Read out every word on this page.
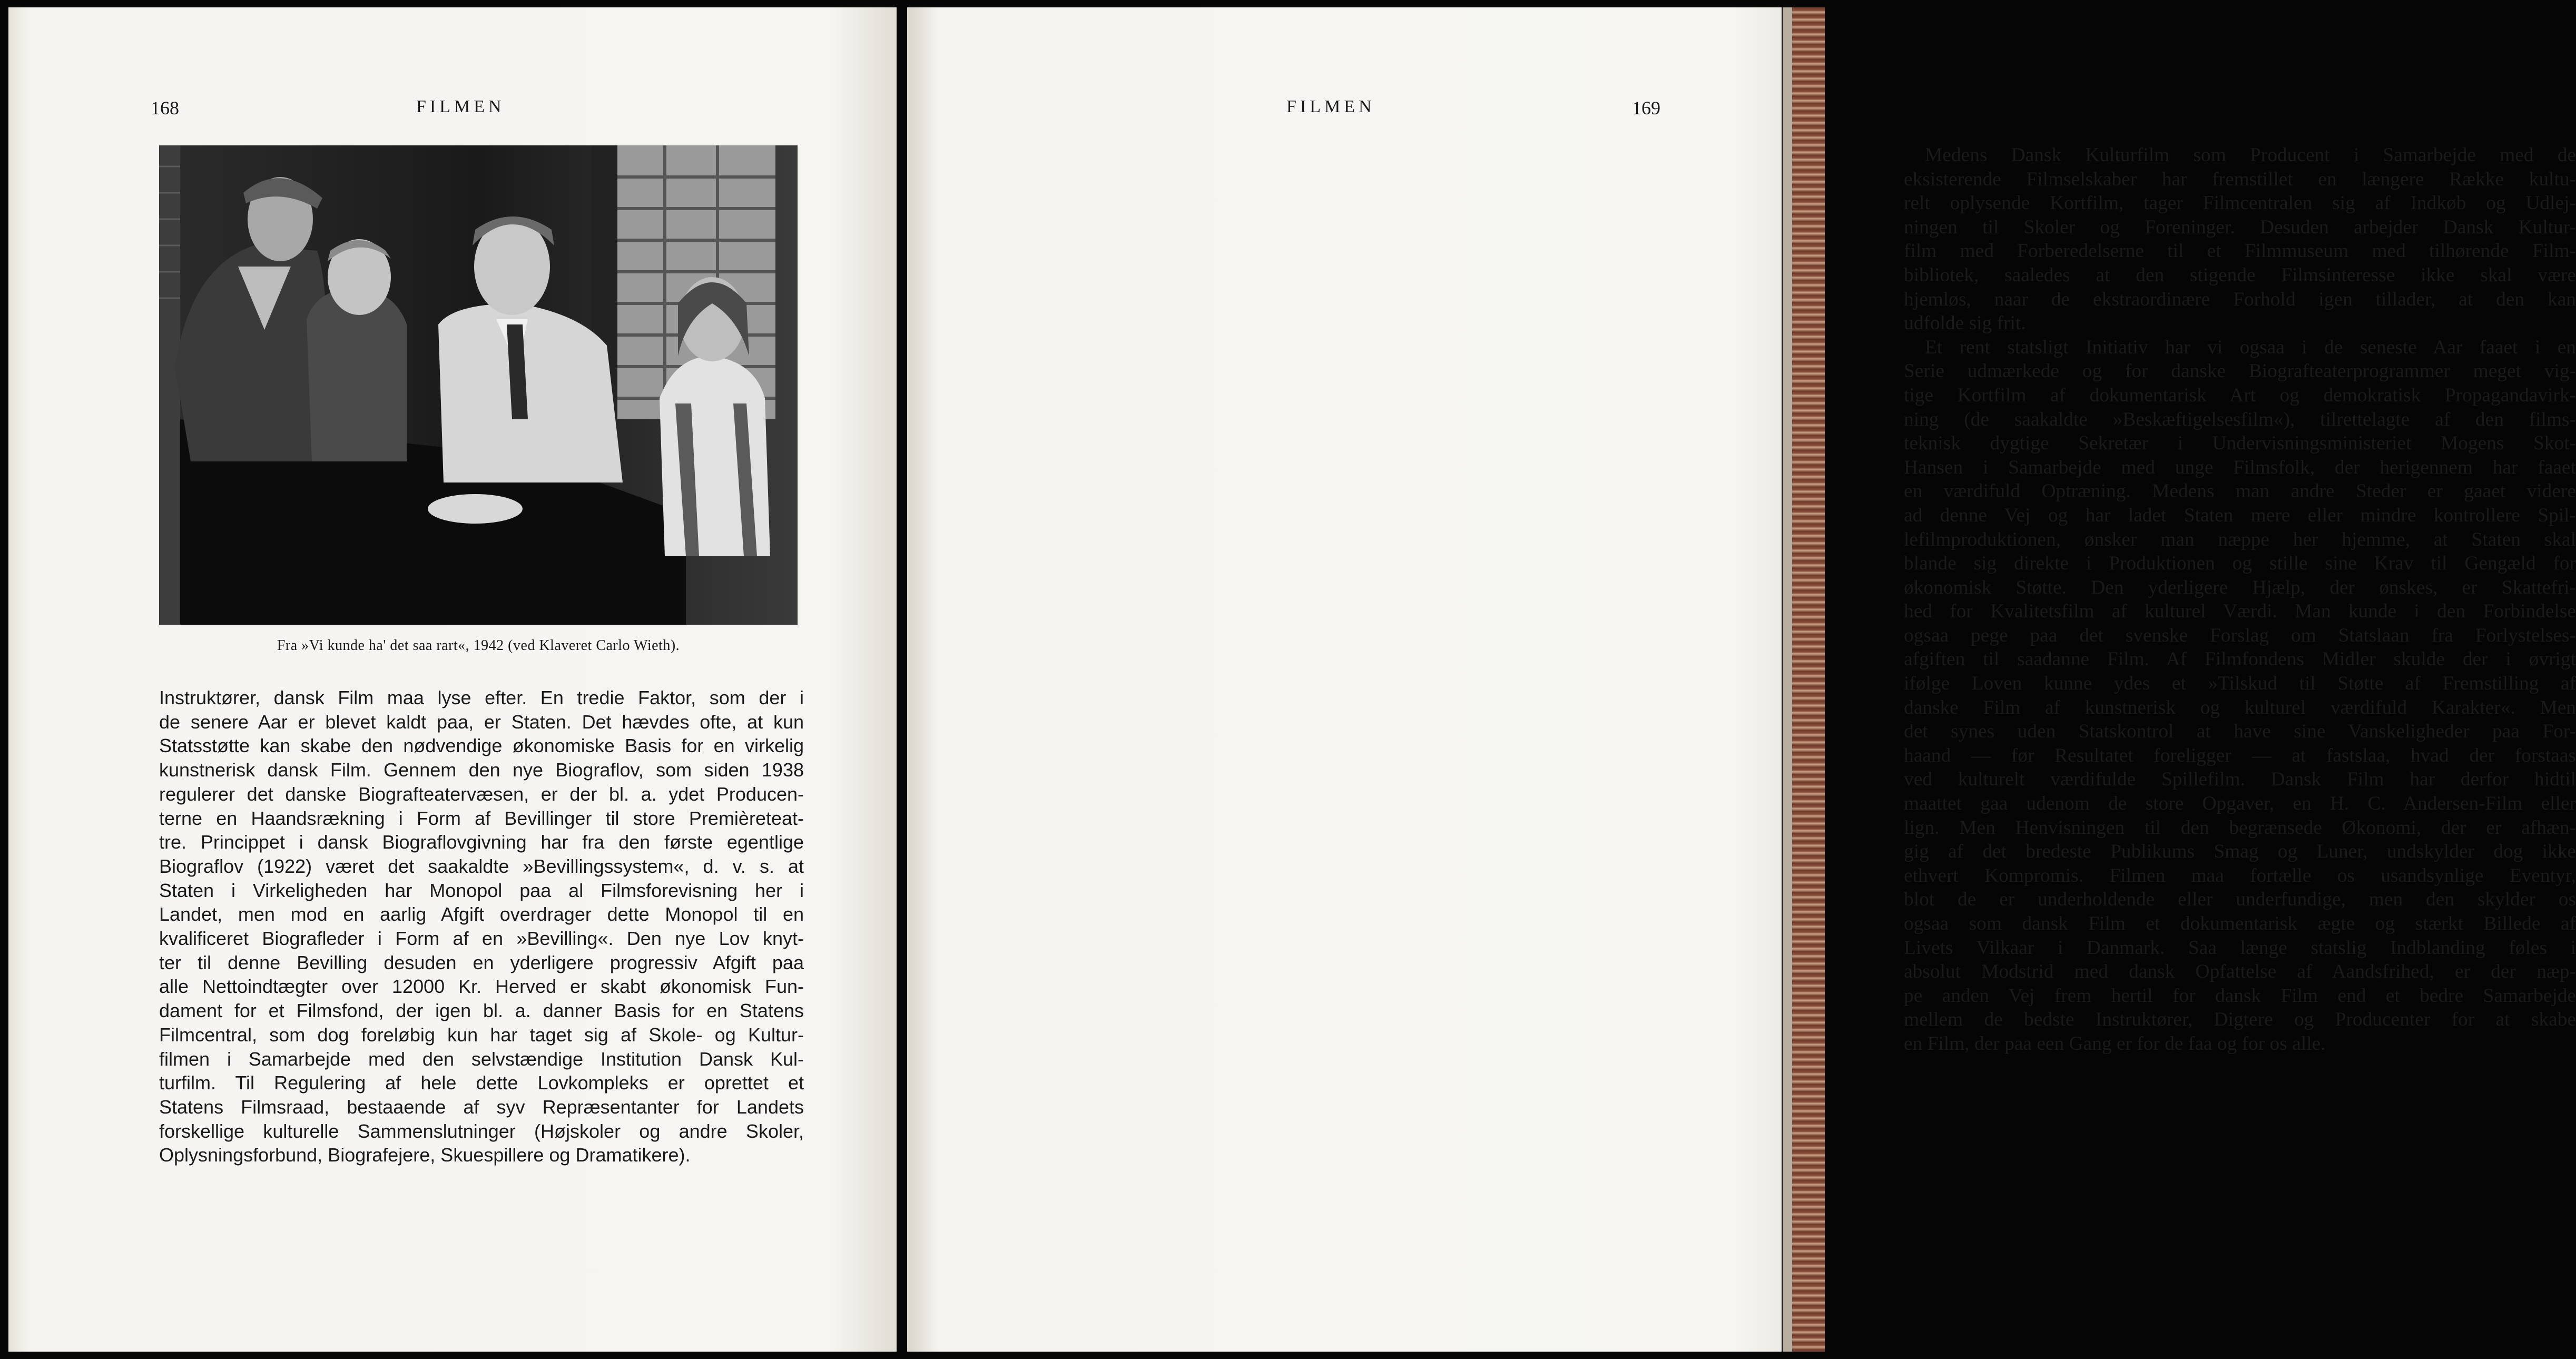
168	FILMEN
Fra »Vi kunde ha' det saa rart«, 1942 (ved Klaveret Carlo Wieth).
Instruktører, dansk Film maa lyse efter. En tredie Faktor, som der i
de senere Aar er blevet kaldt paa, er Staten. Det hævdes ofte, at kun
Statsstøtte kan skabe den nødvendige økonomiske Basis for en virkelig
kunstnerisk dansk Film. Gennem den nye Biograflov, som siden 1938
regulerer det danske Biografteatervæsen, er der bl. a. ydet Producen-
terne en Haandsrækning i Form af Bevillinger til store Premièreteat-
tre. Princippet i dansk Biograflovgivning har fra den første egentlige
Biograflov (1922) været det saakaldte »Bevillingssystem«, d. v. s. at
Staten i Virkeligheden har Monopol paa al Filmsforevisning her i
Landet, men mod en aarlig Afgift overdrager dette Monopol til en
kvalificeret Biografleder i Form af en »Bevilling«. Den nye Lov knyt-
ter til denne Bevilling desuden en yderligere progressiv Afgift paa
alle Nettoindtægter over 12000 Kr. Herved er skabt økonomisk Fun-
dament for et Filmsfond, der igen bl. a. danner Basis for en Statens
Filmcentral, som dog foreløbig kun har taget sig af Skole- og Kultur-
filmen i Samarbejde med den selvstændige Institution Dansk Kul-
turfilm. Til Regulering af hele dette Lovkompleks er oprettet et
Statens Filmsraad, bestaaende af syv Repræsentanter for Landets
forskellige kulturelle Sammenslutninger (Højskoler og andre Skoler,
Oplysningsforbund, Biografejere, Skuespillere og Dramatikere).
FILMEN	169
Medens Dansk Kulturfilm som Producent i Samarbejde med de
eksisterende Filmselskaber har fremstillet en længere Række kultu-
relt oplysende Kortfilm, tager Filmcentralen sig af Indkøb og Udlej-
ningen til Skoler og Foreninger. Desuden arbejder Dansk Kultur-
film med Forberedelserne til et Filmmuseum med tilhørende Film-
bibliotek, saaledes at den stigende Filmsinteresse ikke skal være
hjemløs, naar de ekstraordinære Forhold igen tillader, at den kan
udfolde sig frit.
Et rent statsligt Initiativ har vi ogsaa i de seneste Aar faaet i en
Serie udmærkede og for danske Biografteaterprogrammer meget vig-
tige Kortfilm af dokumentarisk Art og demokratisk Propagandavirk-
ning (de saakaldte »Beskæftigelsesfilm«), tilrettelagte af den films-
teknisk dygtige Sekretær i Undervisningsministeriet Mogens Skot-
Hansen i Samarbejde med unge Filmsfolk, der herigennem har faaet
en værdifuld Optræning. Medens man andre Steder er gaaet videre
ad denne Vej og har ladet Staten mere eller mindre kontrollere Spil-
lefilmproduktionen, ønsker man næppe her hjemme, at Staten skal
blande sig direkte i Produktionen og stille sine Krav til Gengæld for
økonomisk Støtte. Den yderligere Hjælp, der ønskes, er Skattefri-
hed for Kvalitetsfilm af kulturel Værdi. Man kunde i den Forbindelse
ogsaa pege paa det svenske Forslag om Statslaan fra Forlystelses-
afgiften til saadanne Film. Af Filmfondens Midler skulde der i øvrigt
ifølge Loven kunne ydes et »Tilskud til Støtte af Fremstilling af
danske Film af kunstnerisk og kulturel værdifuld Karakter«. Men
det synes uden Statskontrol at have sine Vanskeligheder paa For-
haand — før Resultatet foreligger — at fastslaa, hvad der forstaas
ved kulturelt værdifulde Spillefilm. Dansk Film har derfor hidtil
maattet gaa udenom de store Opgaver, en H. C. Andersen-Film eller
lign. Men Henvisningen til den begrænsede Økonomi, der er afhæn-
gig af det bredeste Publikums Smag og Luner, undskylder dog ikke
ethvert Kompromis. Filmen maa fortælle os usandsynlige Eventyr,
blot de er underholdende eller underfundige, men den skylder os
ogsaa som dansk Film et dokumentarisk ægte og stærkt Billede af
Livets Vilkaar i Danmark. Saa længe statslig Indblanding føles i
absolut Modstrid med dansk Opfattelse af Aandsfrihed, er der næp-
pe anden Vej frem hertil for dansk Film end et bedre Samarbejde
mellem de bedste Instruktører, Digtere og Producenter for at skabe
en Film, der paa een Gang er for de faa og for os alle.
